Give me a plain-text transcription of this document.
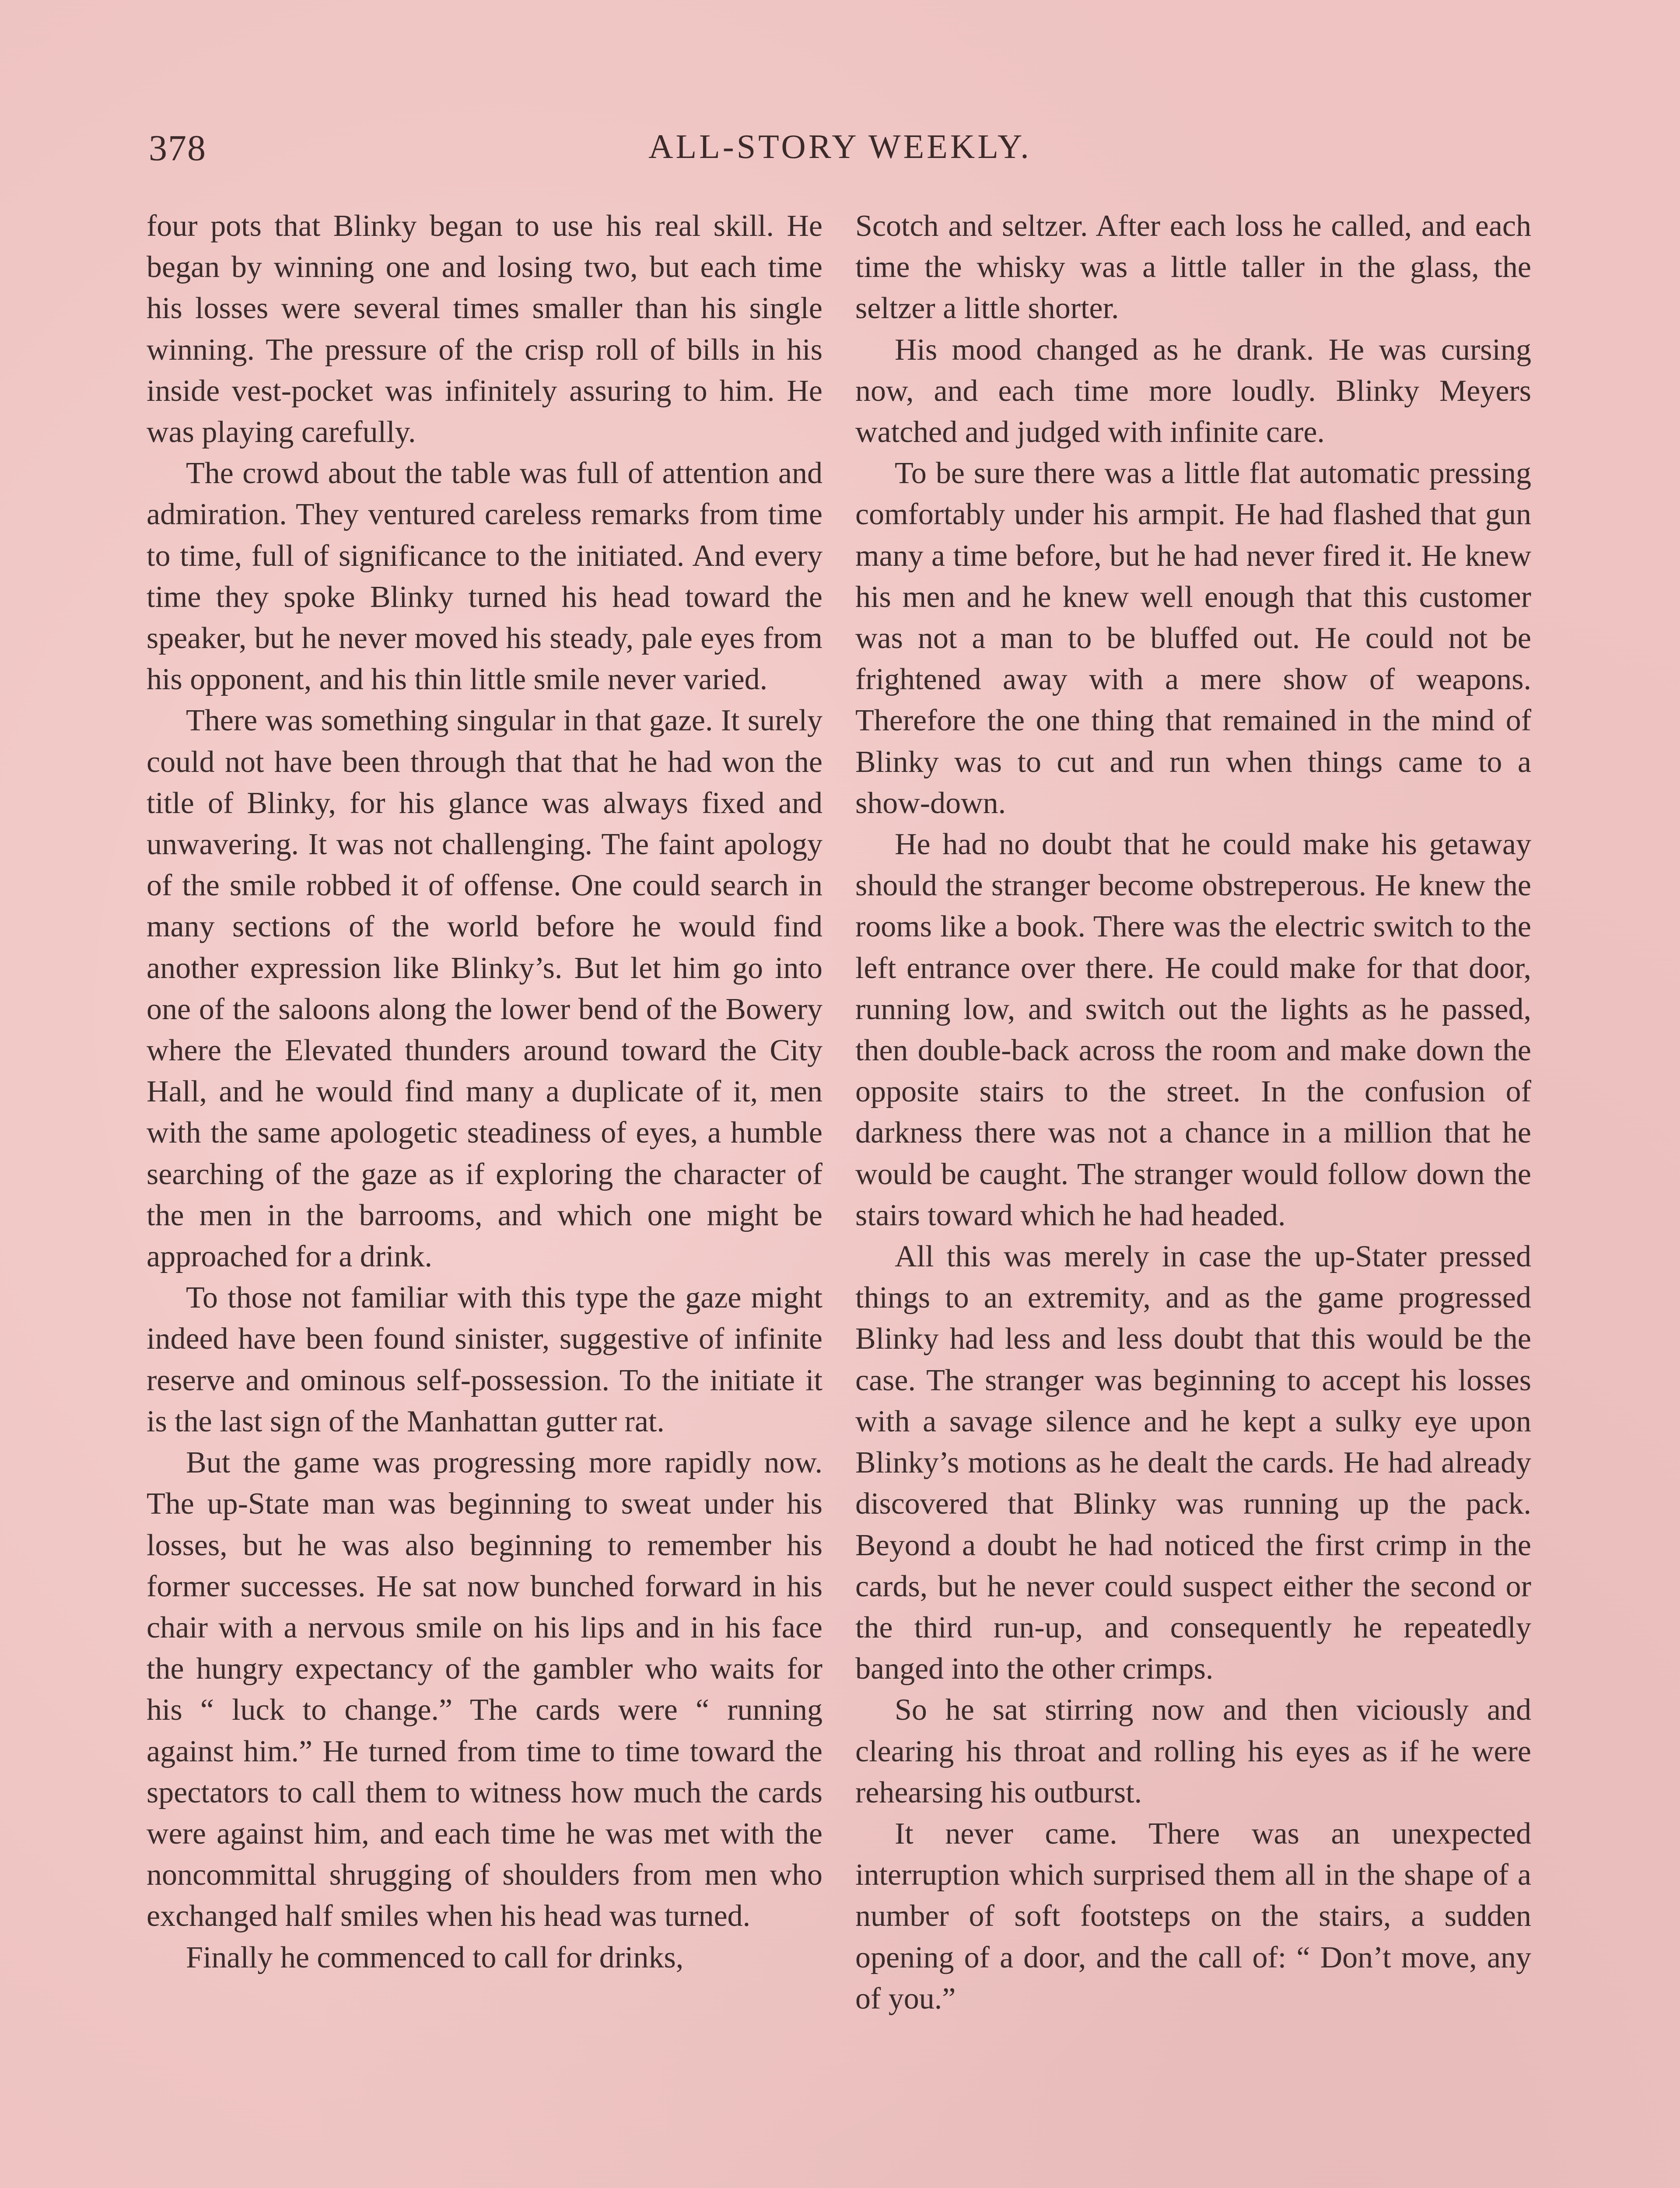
378	ALL-STORY WEEKLY.

four pots that Blinky began to use his real skill. He began by winning one and losing two, but each time his losses were several times smaller than his single winning. The pressure of the crisp roll of bills in his inside vest-pocket was infinitely assuring to him. He was playing carefully.

The crowd about the table was full of attention and admiration. They ventured careless remarks from time to time, full of significance to the initiated. And every time they spoke Blinky turned his head toward the speaker, but he never moved his steady, pale eyes from his opponent, and his thin little smile never varied.

There was something singular in that gaze. It surely could not have been through that that he had won the title of Blinky, for his glance was always fixed and unwavering. It was not challenging. The faint apology of the smile robbed it of offense. One could search in many sections of the world before he would find another expression like Blinky’s. But let him go into one of the saloons along the lower bend of the Bowery where the Elevated thunders around toward the City Hall, and he would find many a duplicate of it, men with the same apologetic steadiness of eyes, a humble searching of the gaze as if exploring the character of the men in the barrooms, and which one might be approached for a drink.

To those not familiar with this type the gaze might indeed have been found sinister, suggestive of infinite reserve and ominous self-possession. To the initiate it is the last sign of the Manhattan gutter rat.

But the game was progressing more rapidly now. The up-State man was beginning to sweat under his losses, but he was also beginning to remember his former successes. He sat now bunched forward in his chair with a nervous smile on his lips and in his face the hungry expectancy of the gambler who waits for his “ luck to change.” The cards were “ running against him.” He turned from time to time toward the spectators to call them to witness how much the cards were against him, and each time he was met with the noncommittal shrugging of shoulders from men who exchanged half smiles when his head was turned.

Finally he commenced to call for drinks,

Scotch and seltzer. After each loss he called, and each time the whisky was a little taller in the glass, the seltzer a little shorter.

His mood changed as he drank. He was cursing now, and each time more loudly. Blinky Meyers watched and judged with infinite care.

To be sure there was a little flat automatic pressing comfortably under his armpit. He had flashed that gun many a time before, but he had never fired it. He knew his men and he knew well enough that this customer was not a man to be bluffed out. He could not be frightened away with a mere show of weapons. Therefore the one thing that remained in the mind of Blinky was to cut and run when things came to a show-down.

He had no doubt that he could make his getaway should the stranger become obstreperous. He knew the rooms like a book. There was the electric switch to the left entrance over there. He could make for that door, running low, and switch out the lights as he passed, then double-back across the room and make down the opposite stairs to the street. In the confusion of darkness there was not a chance in a million that he would be caught. The stranger would follow down the stairs toward which he had headed.

All this was merely in case the up-Stater pressed things to an extremity, and as the game progressed Blinky had less and less doubt that this would be the case. The stranger was beginning to accept his losses with a savage silence and he kept a sulky eye upon Blinky’s motions as he dealt the cards. He had already discovered that Blinky was running up the pack. Beyond a doubt he had noticed the first crimp in the cards, but he never could suspect either the second or the third run-up, and consequently he repeatedly banged into the other crimps.

So he sat stirring now and then viciously and clearing his throat and rolling his eyes as if he were rehearsing his outburst.

It never came. There was an unexpected interruption which surprised them all in the shape of a number of soft footsteps on the stairs, a sudden opening of a door, and the call of: “ Don’t move, any of you.”
